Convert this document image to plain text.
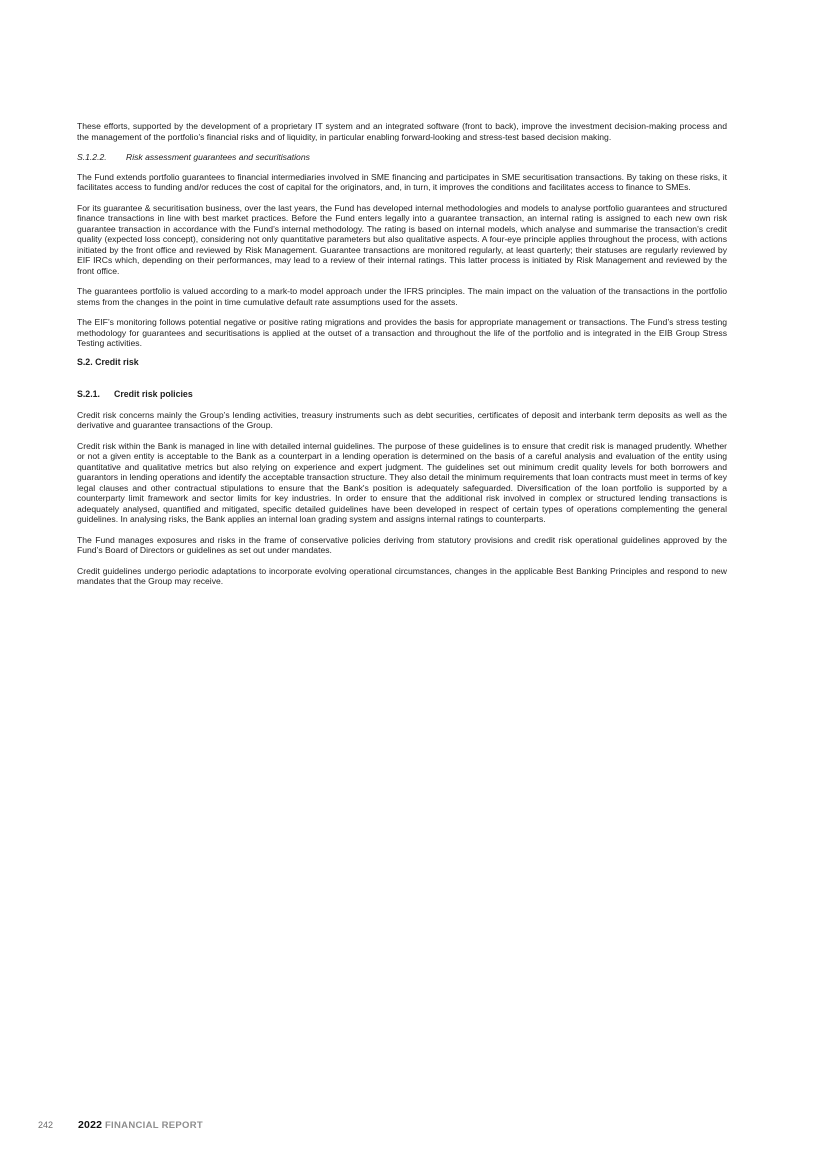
These efforts, supported by the development of a proprietary IT system and an integrated software (front to back), improve the investment decision-making process and the management of the portfolio’s financial risks and of liquidity, in particular enabling forward-looking and stress-test based decision making.

S.1.2.2. Risk assessment guarantees and securitisations

The Fund extends portfolio guarantees to financial intermediaries involved in SME financing and participates in SME securitisation transactions. By taking on these risks, it facilitates access to funding and/or reduces the cost of capital for the originators, and, in turn, it improves the conditions and facilitates access to finance to SMEs.

For its guarantee & securitisation business, over the last years, the Fund has developed internal methodologies and models to analyse portfolio guarantees and structured finance transactions in line with best market practices. Before the Fund enters legally into a guarantee transaction, an internal rating is assigned to each new own risk guarantee transaction in accordance with the Fund’s internal methodology. The rating is based on internal models, which analyse and summarise the transaction’s credit quality (expected loss concept), considering not only quantitative parameters but also qualitative aspects. A four-eye principle applies throughout the process, with actions initiated by the front office and reviewed by Risk Management. Guarantee transactions are monitored regularly, at least quarterly; their statuses are regularly reviewed by EIF IRCs which, depending on their performances, may lead to a review of their internal ratings. This latter process is initiated by Risk Management and reviewed by the front office.

The guarantees portfolio is valued according to a mark-to model approach under the IFRS principles. The main impact on the valuation of the transactions in the portfolio stems from the changes in the point in time cumulative default rate assumptions used for the assets.

The EIF’s monitoring follows potential negative or positive rating migrations and provides the basis for appropriate management or transactions. The Fund’s stress testing methodology for guarantees and securitisations is applied at the outset of a transaction and throughout the life of the portfolio and is integrated in the EIB Group Stress Testing activities.

S.2. Credit risk
S.2.1. Credit risk policies

Credit risk concerns mainly the Group’s lending activities, treasury instruments such as debt securities, certificates of deposit and interbank term deposits as well as the derivative and guarantee transactions of the Group.

Credit risk within the Bank is managed in line with detailed internal guidelines. The purpose of these guidelines is to ensure that credit risk is managed prudently. Whether or not a given entity is acceptable to the Bank as a counterpart in a lending operation is determined on the basis of a careful analysis and evaluation of the entity using quantitative and qualitative metrics but also relying on experience and expert judgment. The guidelines set out minimum credit quality levels for both borrowers and guarantors in lending operations and identify the acceptable transaction structure. They also detail the minimum requirements that loan contracts must meet in terms of key legal clauses and other contractual stipulations to ensure that the Bank's position is adequately safeguarded. Diversification of the loan portfolio is supported by a counterparty limit framework and sector limits for key industries. In order to ensure that the additional risk involved in complex or structured lending transactions is adequately analysed, quantified and mitigated, specific detailed guidelines have been developed in respect of certain types of operations complementing the general guidelines. In analysing risks, the Bank applies an internal loan grading system and assigns internal ratings to counterparts.

The Fund manages exposures and risks in the frame of conservative policies deriving from statutory provisions and credit risk operational guidelines approved by the Fund’s Board of Directors or guidelines as set out under mandates.

Credit guidelines undergo periodic adaptations to incorporate evolving operational circumstances, changes in the applicable Best Banking Principles and respond to new mandates that the Group may receive.

242 2022 FINANCIAL REPORT
